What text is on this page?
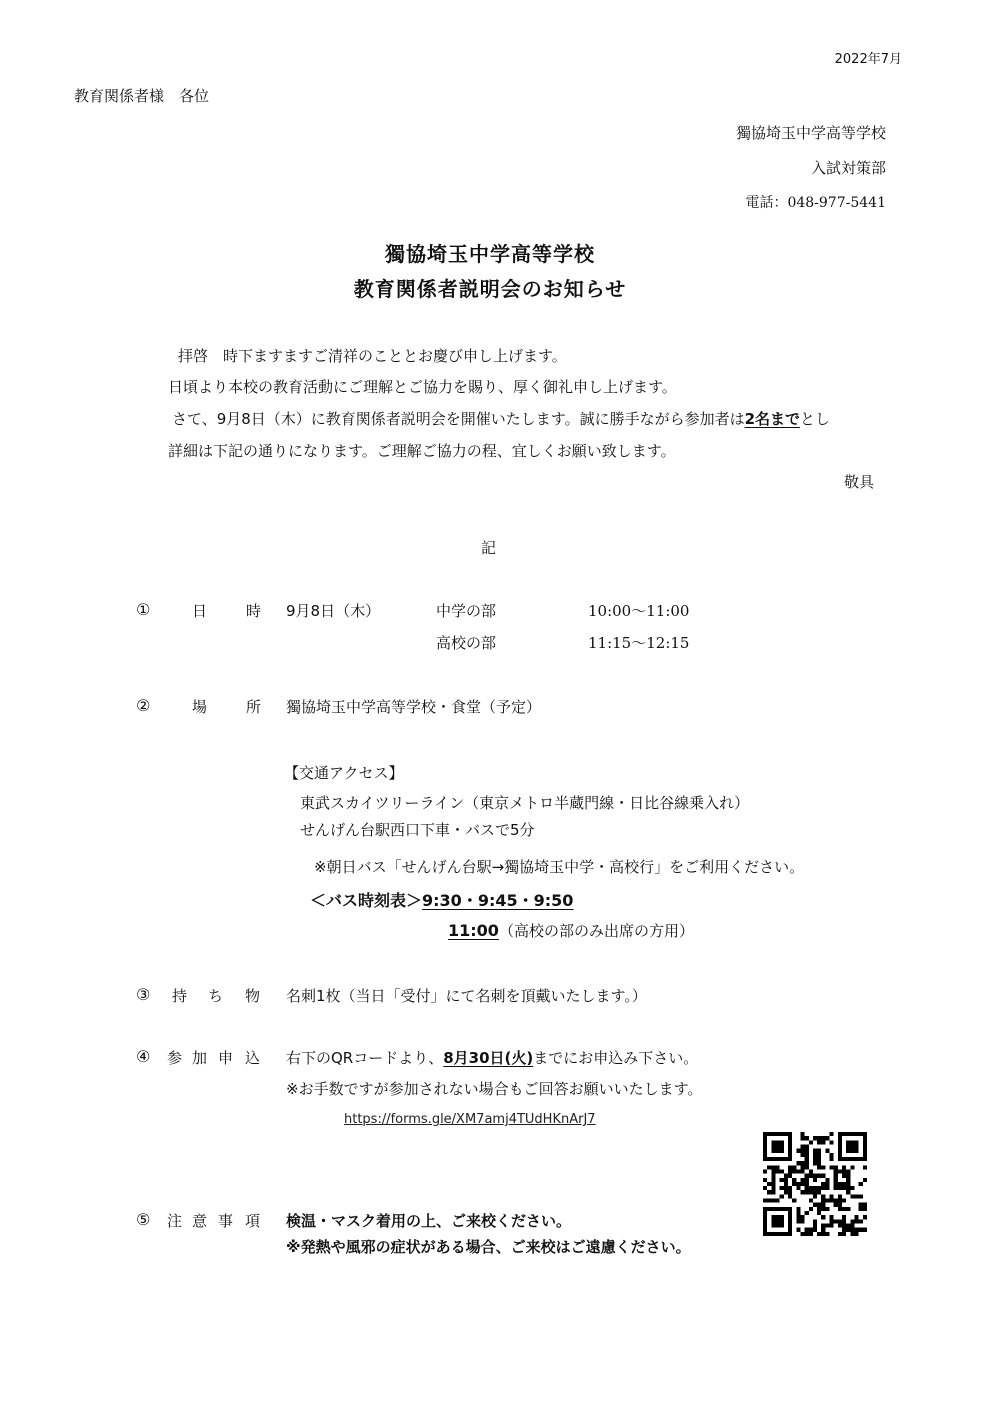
2022年7月
教育関係者様　各位
獨協埼玉中学高等学校
入試対策部
電話：048-977-5441
獨協埼玉中学高等学校
教育関係者説明会のお知らせ
拝啓　時下ますますご清祥のこととお慶び申し上げます。
日頃より本校の教育活動にご理解とご協力を賜り、厚く御礼申し上げます。
さて、9月8日（木）に教育関係者説明会を開催いたします。誠に勝手ながら参加者は2名までとし
詳細は下記の通りになります。ご理解ご協力の程、宜しくお願い致します。
敬具
記
①	日	時 9月8日（木）	中学の部	10:00〜11:00
高校の部	11:15〜12:15
②	場	所 獨協埼玉中学高等学校・食堂（予定）
【交通アクセス】
東武スカイツリーライン（東京メトロ半蔵門線・日比谷線乗入れ）
せんげん台駅西口下車・バスで5分
※朝日バス「せんげん台駅→獨協埼玉中学・高校行」をご利用ください。
＜バス時刻表＞9:30・9:45・9:50
11:00（高校の部のみ出席の方用）
③ 持 ち 物 名刺1枚（当日「受付」にて名刺を頂戴いたします。）
④ 参 加 申 込 右下のQRコードより、8月30日(火)までにお申込み下さい。
※お手数ですが参加されない場合もご回答お願いいたします。
https://forms.gle/XM7amj4TUdHKnArJ7
⑤ 注 意 事 項 検温・マスク着用の上、ご来校ください。
※発熱や風邪の症状がある場合、ご来校はご遠慮ください。
